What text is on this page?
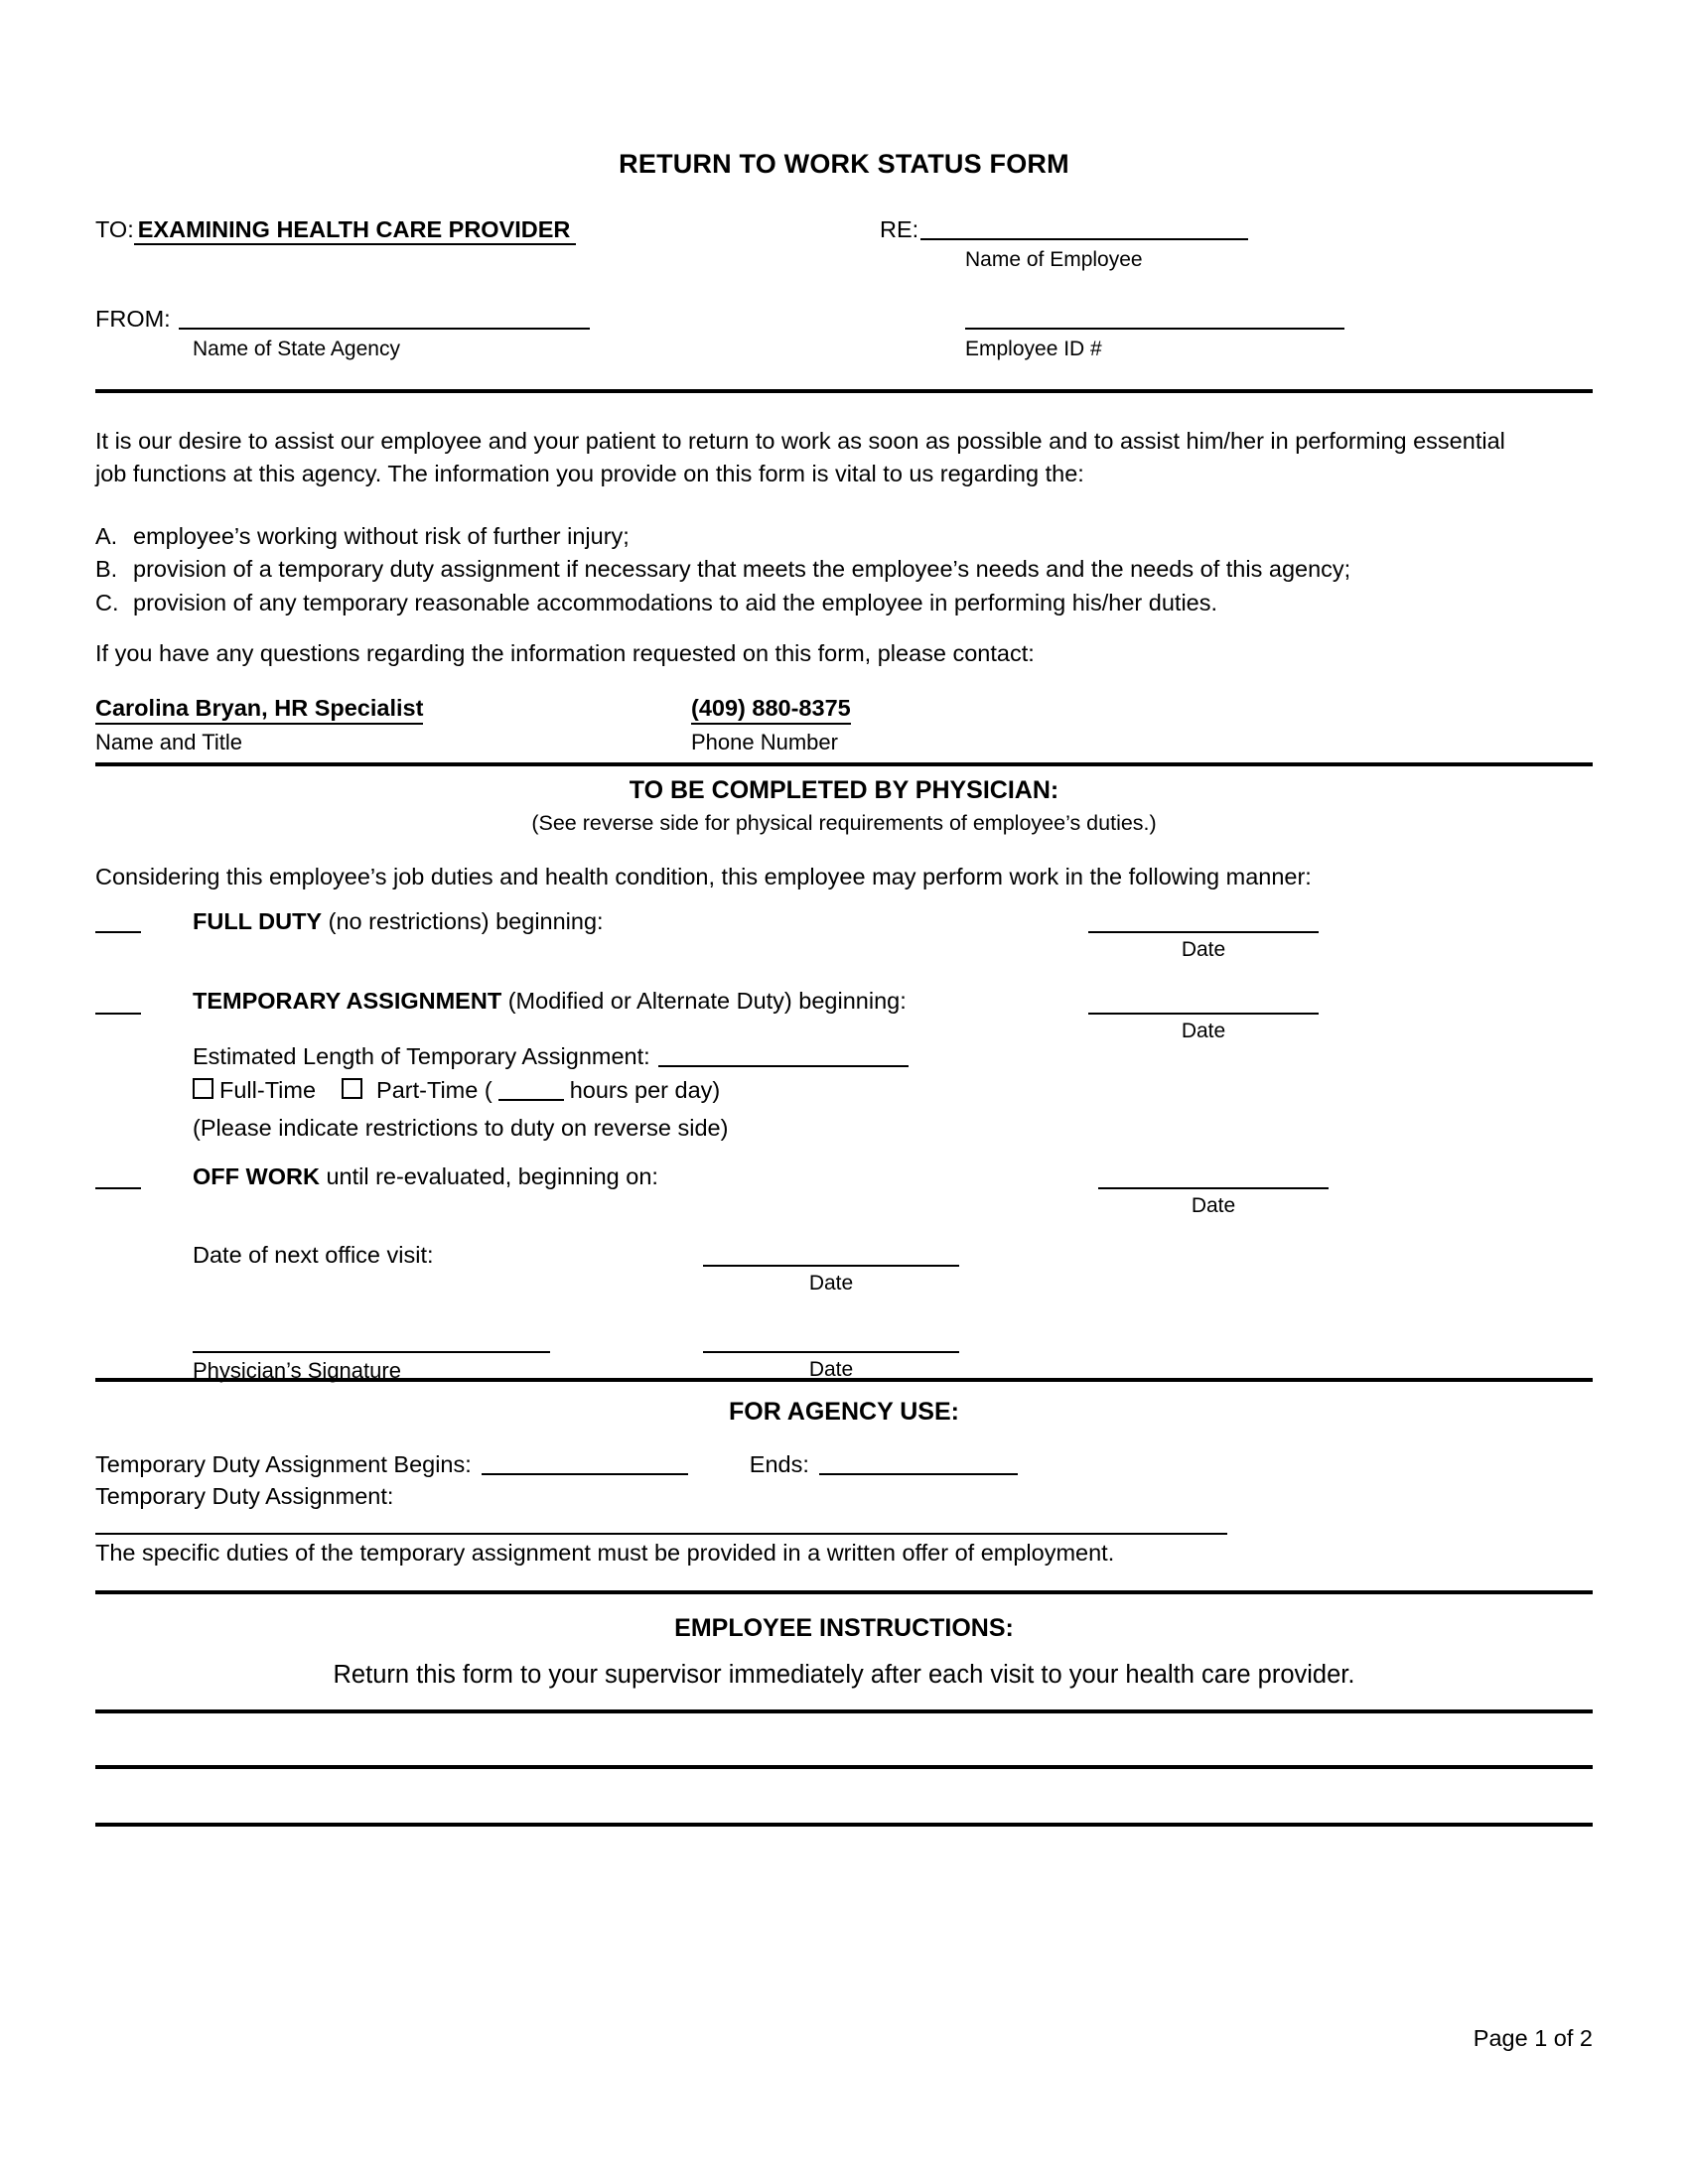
RETURN TO WORK STATUS FORM
TO: EXAMINING HEALTH CARE PROVIDER	RE:
Name of Employee
FROM:
Name of State Agency	Employee ID #
It is our desire to assist our employee and your patient to return to work as soon as possible and to assist him/her in performing essential job functions at this agency. The information you provide on this form is vital to us regarding the:
A. employee’s working without risk of further injury;
B. provision of a temporary duty assignment if necessary that meets the employee’s needs and the needs of this agency;
C. provision of any temporary reasonable accommodations to aid the employee in performing his/her duties.
If you have any questions regarding the information requested on this form, please contact:
Carolina Bryan, HR Specialist	(409) 880-8375
Name and Title	Phone Number
TO BE COMPLETED BY PHYSICIAN:
(See reverse side for physical requirements of employee’s duties.)
Considering this employee’s job duties and health condition, this employee may perform work in the following manner:
FULL DUTY (no restrictions) beginning:
Date
TEMPORARY ASSIGNMENT (Modified or Alternate Duty) beginning:
Date
Estimated Length of Temporary Assignment:
Full-Time	Part-Time (	hours per day)
(Please indicate restrictions to duty on reverse side)
OFF WORK until re-evaluated, beginning on:
Date
Date of next office visit:
Date
Physician’s Signature	Date
FOR AGENCY USE:
Temporary Duty Assignment Begins:	Ends:
Temporary Duty Assignment:
The specific duties of the temporary assignment must be provided in a written offer of employment.
EMPLOYEE INSTRUCTIONS:
Return this form to your supervisor immediately after each visit to your health care provider.
Page 1 of 2
